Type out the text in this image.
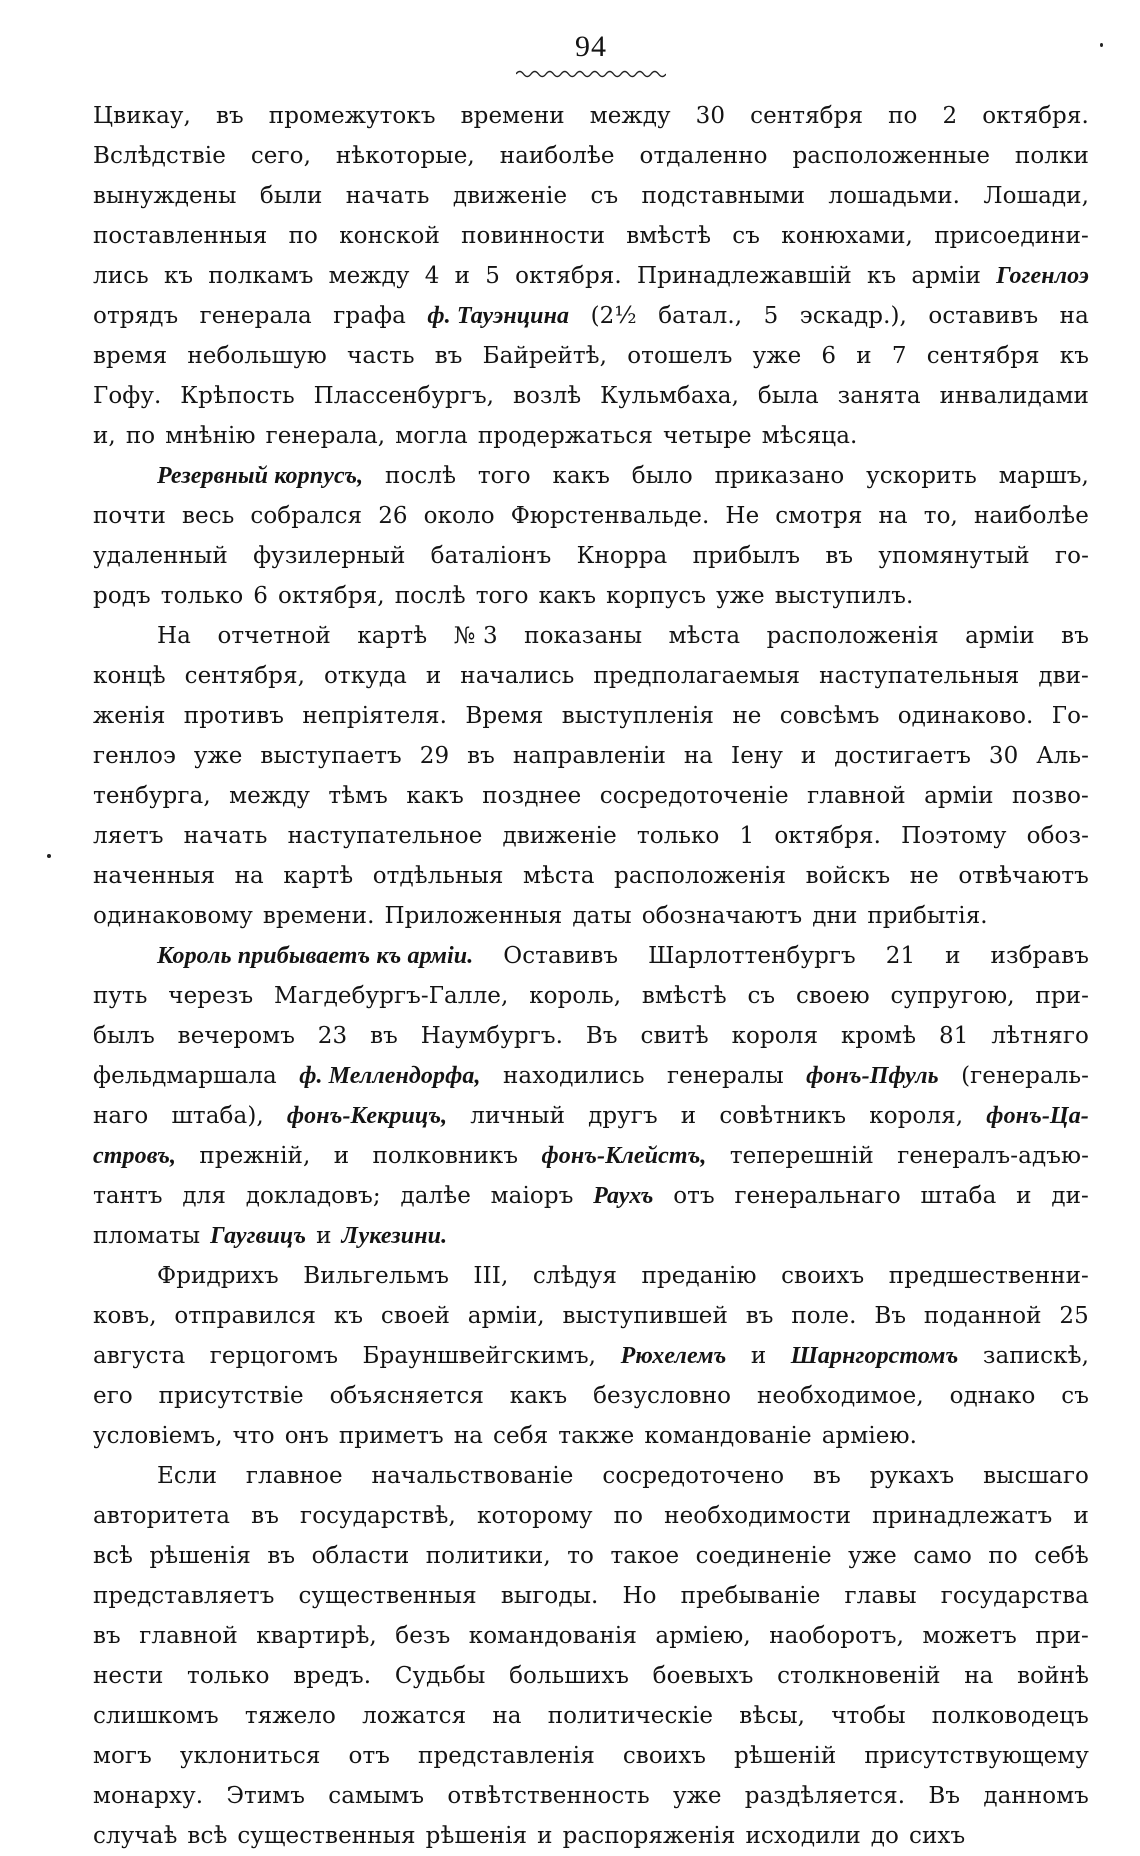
94
Цвикау, въ промежутокъ времени между 30 сентября по 2 октября.
Вслѣдствіе сего, нѣкоторые, наиболѣе отдаленно расположенные полки
вынуждены были начать движеніе съ подставными лошадьми. Лошади,
поставленныя по конской повинности вмѣстѣ съ конюхами, присоедини-
лись къ полкамъ между 4 и 5 октября. Принадлежавшій къ арміи Гогенлоэ
отрядъ генерала графа ф. Тауэнцина (2½ батал., 5 эскадр.), оставивъ на
время небольшую часть въ Байрейтѣ, отошелъ уже 6 и 7 сентября къ
Гофу. Крѣпость Плассенбургъ, возлѣ Кульмбаха, была занята инвалидами
и, по мнѣнію генерала, могла продержаться четыре мѣсяца.
Резервный корпусъ, послѣ того какъ было приказано ускорить маршъ,
почти весь собрался 26 около Фюрстенвальде. Не смотря на то, наиболѣе
удаленный фузилерный баталіонъ Кнорра прибылъ въ упомянутый го-
родъ только 6 октября, послѣ того какъ корпусъ уже выступилъ.
На отчетной картѣ № 3 показаны мѣста расположенія арміи въ
концѣ сентября, откуда и начались предполагаемыя наступательныя дви-
женія противъ непріятеля. Время выступленія не совсѣмъ одинаково. Го-
генлоэ уже выступаетъ 29 въ направленіи на Іену и достигаетъ 30 Аль-
тенбурга, между тѣмъ какъ позднее сосредоточеніе главной арміи позво-
ляетъ начать наступательное движеніе только 1 октября. Поэтому обоз-
наченныя на картѣ отдѣльныя мѣста расположенія войскъ не отвѣчаютъ
одинаковому времени. Приложенныя даты обозначаютъ дни прибытія.
Король прибываетъ къ арміи. Оставивъ Шарлоттенбургъ 21 и избравъ
путь черезъ Магдебургъ-Галле, король, вмѣстѣ съ своею супругою, при-
былъ вечеромъ 23 въ Наумбургъ. Въ свитѣ короля кромѣ 81 лѣтняго
фельдмаршала ф. Меллендорфа, находились генералы фонъ-Пфуль (генераль-
наго штаба), фонъ-Кекрицъ, личный другъ и совѣтникъ короля, фонъ-Ца-
стровъ, прежній, и полковникъ фонъ-Клейстъ, теперешній генералъ-адъю-
тантъ для докладовъ; далѣе маіоръ Раухъ отъ генеральнаго штаба и ди-
пломаты Гаугвицъ и Лукезини.
Фридрихъ Вильгельмъ III, слѣдуя преданію своихъ предшественни-
ковъ, отправился къ своей арміи, выступившей въ поле. Въ поданной 25
августа герцогомъ Брауншвейгскимъ, Рюхелемъ и Шарнгорстомъ запискѣ,
его присутствіе объясняется какъ безусловно необходимое, однако съ
условіемъ, что онъ приметъ на себя также командованіе арміею.
Если главное начальствованіе сосредоточено въ рукахъ высшаго
авторитета въ государствѣ, которому по необходимости принадлежатъ и
всѣ рѣшенія въ области политики, то такое соединеніе уже само по себѣ
представляетъ существенныя выгоды. Но пребываніе главы государства
въ главной квартирѣ, безъ командованія арміею, наоборотъ, можетъ при-
нести только вредъ. Судьбы большихъ боевыхъ столкновеній на войнѣ
слишкомъ тяжело ложатся на политическіе вѣсы, чтобы полководецъ
могъ уклониться отъ представленія своихъ рѣшеній присутствующему
монарху. Этимъ самымъ отвѣтственность уже раздѣляется. Въ данномъ
случаѣ всѣ существенныя рѣшенія и распоряженія исходили до сихъ
